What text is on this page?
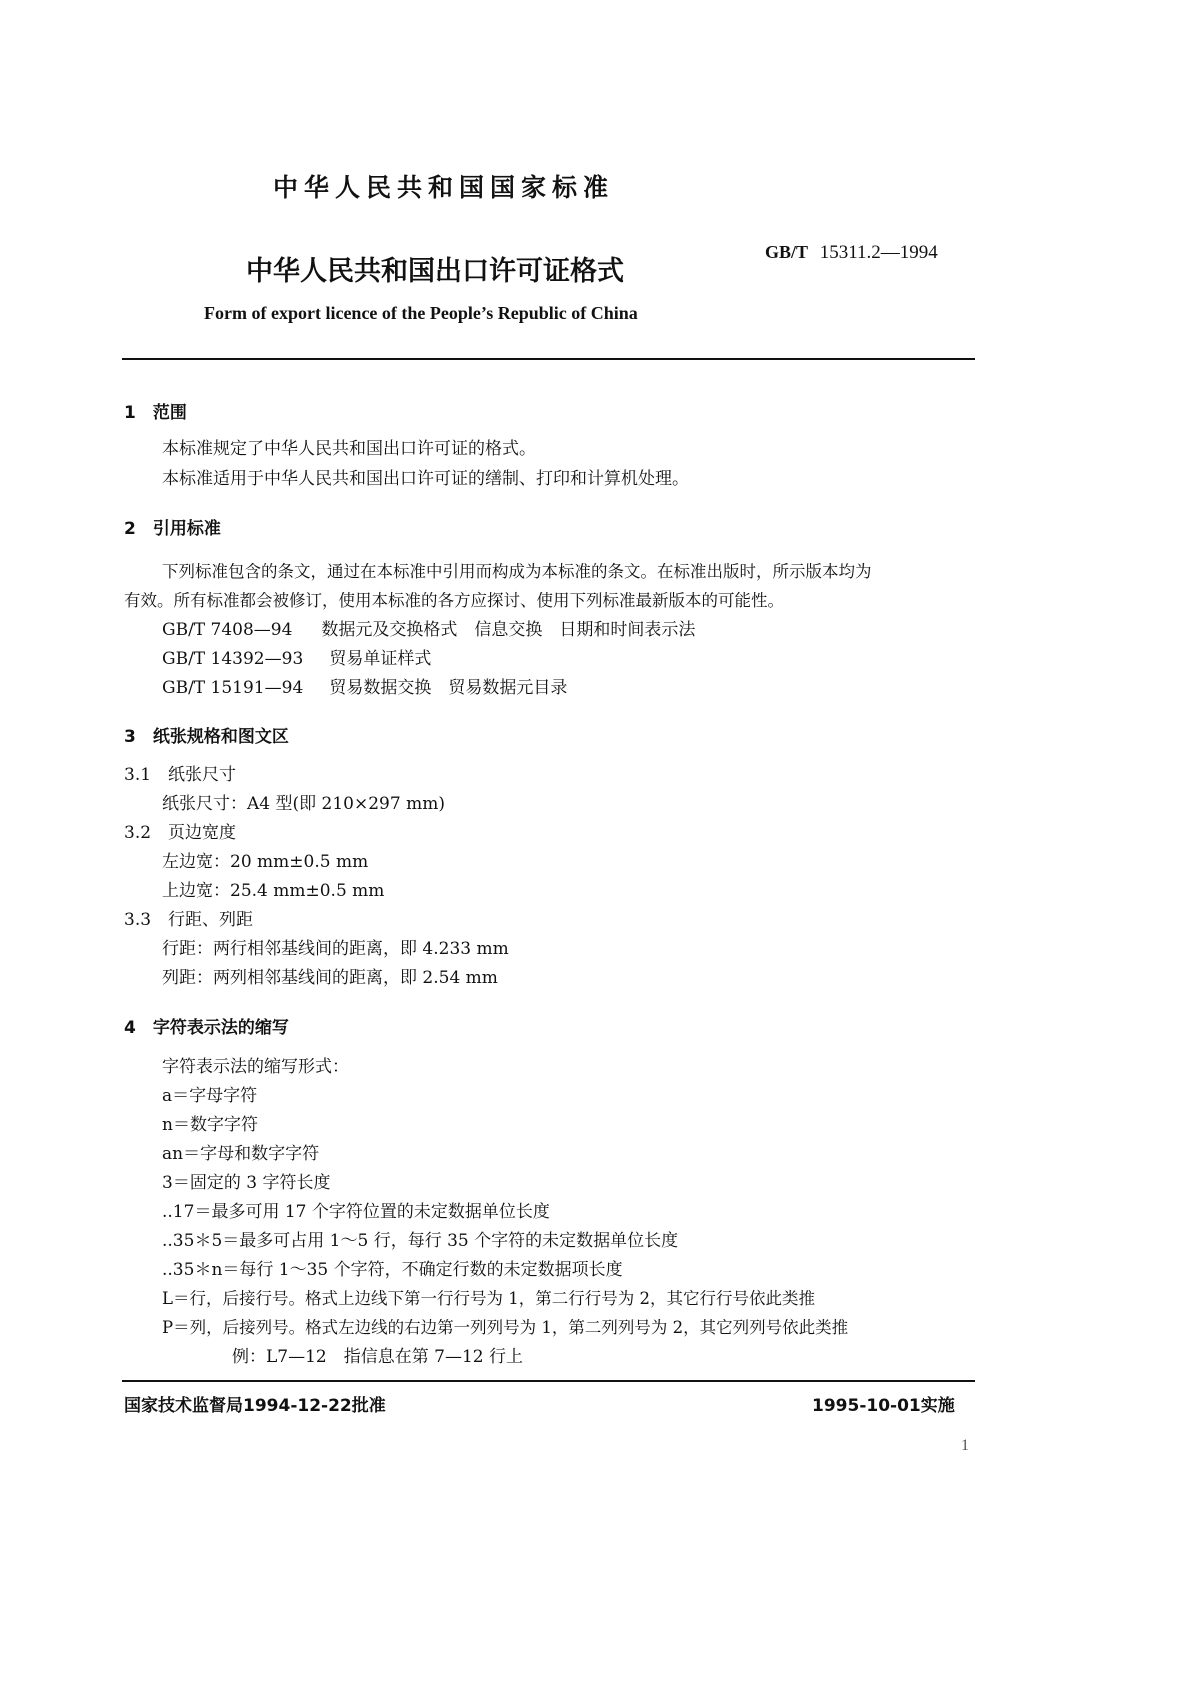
中华人民共和国国家标准
中华人民共和国出口许可证格式
GB/T 15311.2—1994
Form of export licence of the People’s Republic of China
1　范围
本标准规定了中华人民共和国出口许可证的格式。
本标准适用于中华人民共和国出口许可证的缮制、打印和计算机处理。
2　引用标准
下列标准包含的条文，通过在本标准中引用而构成为本标准的条文。在标准出版时，所示版本均为
有效。所有标准都会被修订，使用本标准的各方应探讨、使用下列标准最新版本的可能性。
GB/T 7408—94 数据元及交换格式　信息交换　日期和时间表示法
GB/T 14392—93 贸易单证样式
GB/T 15191—94 贸易数据交换　贸易数据元目录
3　纸张规格和图文区
3.1　纸张尺寸
纸张尺寸：A4 型(即 210×297 mm)
3.2　页边宽度
左边宽：20 mm±0.5 mm
上边宽：25.4 mm±0.5 mm
3.3　行距、列距
行距：两行相邻基线间的距离，即 4.233 mm
列距：两列相邻基线间的距离，即 2.54 mm
4　字符表示法的缩写
字符表示法的缩写形式：
a＝字母字符
n＝数字字符
an＝字母和数字字符
3＝固定的 3 字符长度
..17＝最多可用 17 个字符位置的未定数据单位长度
..35＊5＝最多可占用 1～5 行，每行 35 个字符的未定数据单位长度
..35＊n＝每行 1～35 个字符，不确定行数的未定数据项长度
L＝行，后接行号。格式上边线下第一行行号为 1，第二行行号为 2，其它行行号依此类推
P＝列，后接列号。格式左边线的右边第一列列号为 1，第二列列号为 2，其它列列号依此类推
例：L7—12　指信息在第 7—12 行上
国家技术监督局1994-12-22批准	1995-10-01实施
1
